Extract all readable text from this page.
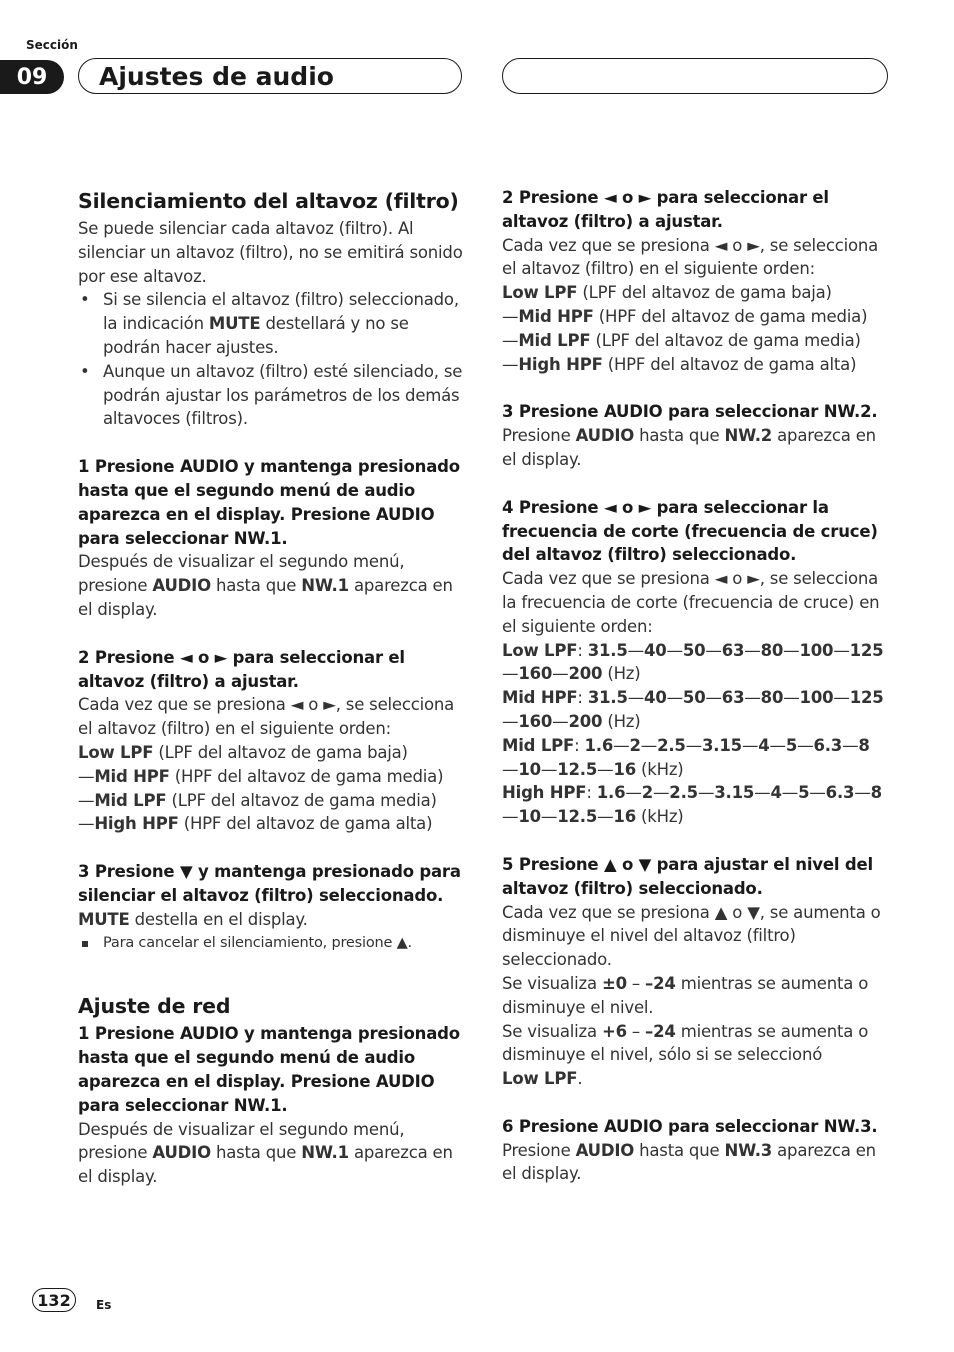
Sección
09	Ajustes de audio

Silenciamiento del altavoz (filtro)

Se puede silenciar cada altavoz (filtro). Al silenciar un altavoz (filtro), no se emitirá sonido por ese altavoz.

• Si se silencia el altavoz (filtro) seleccionado, la indicación MUTE destellará y no se podrán hacer ajustes.
• Aunque un altavoz (filtro) esté silenciado, se podrán ajustar los parámetros de los demás altavoces (filtros).

1 Presione AUDIO y mantenga presionado hasta que el segundo menú de audio aparezca en el display. Presione AUDIO para seleccionar NW.1.

Después de visualizar el segundo menú, presione AUDIO hasta que NW.1 aparezca en el display.

2 Presione ◄ o ► para seleccionar el altavoz (filtro) a ajustar.

Cada vez que se presiona ◄ o ►, se selecciona el altavoz (filtro) en el siguiente orden:

Low LPF (LPF del altavoz de gama baja)

—Mid HPF (HPF del altavoz de gama media)

—Mid LPF (LPF del altavoz de gama media)

—High HPF (HPF del altavoz de gama alta)

3 Presione ▼ y mantenga presionado para silenciar el altavoz (filtro) seleccionado.

MUTE destella en el display.

Para cancelar el silenciamiento, presione ▲.

Ajuste de red

1 Presione AUDIO y mantenga presionado hasta que el segundo menú de audio aparezca en el display. Presione AUDIO para seleccionar NW.1.

Después de visualizar el segundo menú, presione AUDIO hasta que NW.1 aparezca en el display.

2 Presione ◄ o ► para seleccionar el altavoz (filtro) a ajustar.

Cada vez que se presiona ◄ o ►, se selecciona el altavoz (filtro) en el siguiente orden:

Low LPF (LPF del altavoz de gama baja)

—Mid HPF (HPF del altavoz de gama media)

—Mid LPF (LPF del altavoz de gama media)

—High HPF (HPF del altavoz de gama alta)

3 Presione AUDIO para seleccionar NW.2.

Presione AUDIO hasta que NW.2 aparezca en el display.

4 Presione ◄ o ► para seleccionar la frecuencia de corte (frecuencia de cruce) del altavoz (filtro) seleccionado.

Cada vez que se presiona ◄ o ►, se selecciona la frecuencia de corte (frecuencia de cruce) en el siguiente orden:

Low LPF: 31.5—40—50—63—80—100—125
—160—200 (Hz)

Mid HPF: 31.5—40—50—63—80—100—125
—160—200 (Hz)

Mid LPF: 1.6—2—2.5—3.15—4—5—6.3—8
—10—12.5—16 (kHz)

High HPF: 1.6—2—2.5—3.15—4—5—6.3—8
—10—12.5—16 (kHz)

5 Presione ▲ o ▼ para ajustar el nivel del altavoz (filtro) seleccionado.

Cada vez que se presiona ▲ o ▼, se aumenta o disminuye el nivel del altavoz (filtro) seleccionado.

Se visualiza ±0 – –24 mientras se aumenta o disminuye el nivel.

Se visualiza +6 – –24 mientras se aumenta o disminuye el nivel, sólo si se seleccionó
Low LPF.

6 Presione AUDIO para seleccionar NW.3.

Presione AUDIO hasta que NW.3 aparezca en el display.

132	Es
